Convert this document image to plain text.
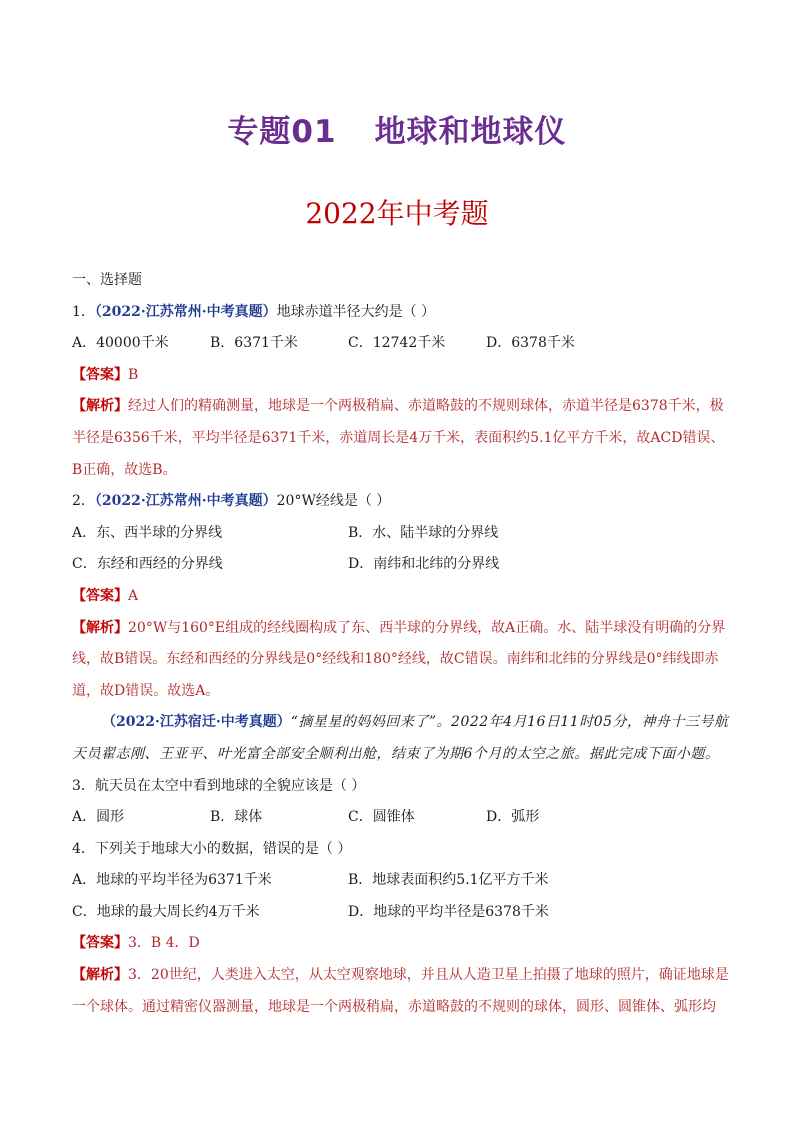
专题01 地球和地球仪
2022年中考题
一、选择题
1．（2022·江苏常州·中考真题）地球赤道半径大约是（ ）
A．40000千米	B．6371千米	C．12742千米	D．6378千米
【答案】B
【解析】经过人们的精确测量，地球是一个两极稍扁、赤道略鼓的不规则球体，赤道半径是6378千米，极
半径是6356千米，平均半径是6371千米，赤道周长是4万千米，表面积约5.1亿平方千米，故ACD错误、
B正确，故选B。
2．（2022·江苏常州·中考真题）20°W经线是（ ）
A．东、西半球的分界线	B．水、陆半球的分界线
C．东经和西经的分界线	D．南纬和北纬的分界线
【答案】A
【解析】20°W与160°E组成的经线圈构成了东、西半球的分界线，故A正确。水、陆半球没有明确的分界
线，故B错误。东经和西经的分界线是0°经线和180°经线，故C错误。南纬和北纬的分界线是0°纬线即赤
道，故D错误。故选A。
（2022·江苏宿迁·中考真题）“摘星星的妈妈回来了”。2022年4月16日11时05分，神舟十三号航
天员翟志刚、王亚平、叶光富全部安全顺利出舱，结束了为期6个月的太空之旅。据此完成下面小题。
3．航天员在太空中看到地球的全貌应该是（ ）
A．圆形	B．球体	C．圆锥体	D．弧形
4．下列关于地球大小的数据，错误的是（ ）
A．地球的平均半径为6371千米	B．地球表面积约5.1亿平方千米
C．地球的最大周长约4万千米	D．地球的平均半径是6378千米
【答案】3．B 4．D
【解析】3．20世纪，人类进入太空，从太空观察地球，并且从人造卫星上拍摄了地球的照片，确证地球是
一个球体。通过精密仪器测量，地球是一个两极稍扁，赤道略鼓的不规则的球体，圆形、圆锥体、弧形均
